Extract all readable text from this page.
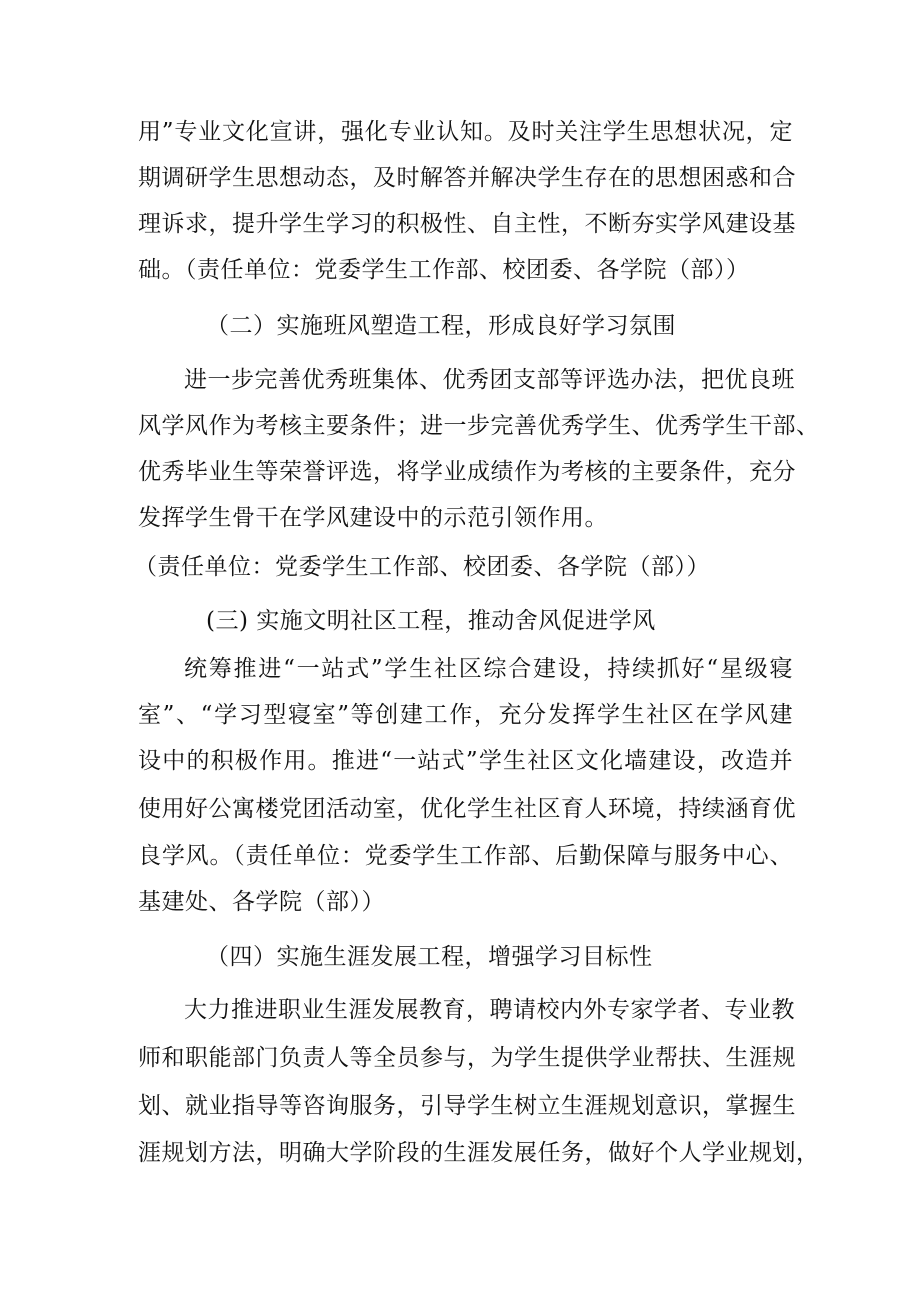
用”专业文化宣讲，强化专业认知。及时关注学生思想状况，定
期调研学生思想动态，及时解答并解决学生存在的思想困惑和合
理诉求，提升学生学习的积极性、自主性，不断夯实学风建设基
础。（责任单位：党委学生工作部、校团委、各学院（部））
（二）实施班风塑造工程，形成良好学习氛围
进一步完善优秀班集体、优秀团支部等评选办法，把优良班
风学风作为考核主要条件；进一步完善优秀学生、优秀学生干部、
优秀毕业生等荣誉评选，将学业成绩作为考核的主要条件，充分
发挥学生骨干在学风建设中的示范引领作用。
（责任单位：党委学生工作部、校团委、各学院（部））
(三) 实施文明社区工程，推动舍风促进学风
统筹推进“一站式”学生社区综合建设，持续抓好“星级寝
室”、“学习型寝室”等创建工作，充分发挥学生社区在学风建
设中的积极作用。推进“一站式”学生社区文化墙建设，改造并
使用好公寓楼党团活动室，优化学生社区育人环境，持续涵育优
良学风。（责任单位：党委学生工作部、后勤保障与服务中心、
基建处、各学院（部））
（四）实施生涯发展工程，增强学习目标性
大力推进职业生涯发展教育，聘请校内外专家学者、专业教
师和职能部门负责人等全员参与，为学生提供学业帮扶、生涯规
划、就业指导等咨询服务，引导学生树立生涯规划意识，掌握生
涯规划方法，明确大学阶段的生涯发展任务，做好个人学业规划，
